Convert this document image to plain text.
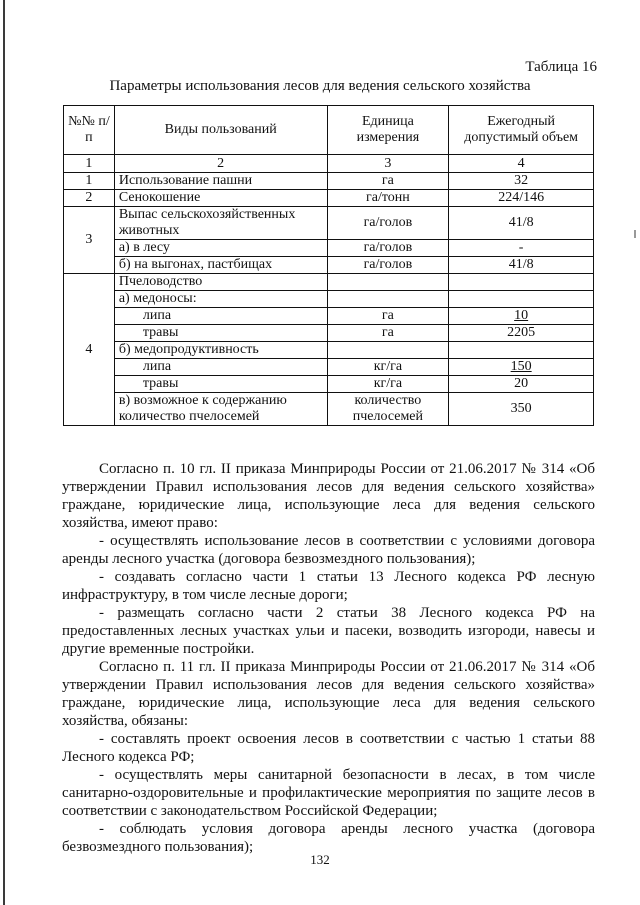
Таблица 16
Параметры использования лесов для ведения сельского хозяйства
№№ п/п	Виды пользований	Единица измерения	Ежегодный допустимый объем
1	2	3	4
1	Использование пашни	га	32
2	Сенокошение	га/тонн	224/146
3	Выпас сельскохозяйственных животных	га/голов	41/8
	а) в лесу	га/голов	-
	б) на выгонах, пастбищах	га/голов	41/8
4	Пчеловодство		
	а) медоносы:		
	липа	га	10
	травы	га	2205
	б) медопродуктивность		
	липа	кг/га	150
	травы	кг/га	20
	в) возможное к содержанию количество пчелосемей	количество пчелосемей	350

Согласно п. 10 гл. II приказа Минприроды России от 21.06.2017 № 314 «Об утверждении Правил использования лесов для ведения сельского хозяйства» граждане, юридические лица, использующие леса для ведения сельского хозяйства, имеют право:

- осуществлять использование лесов в соответствии с условиями договора аренды лесного участка (договора безвозмездного пользования);

- создавать согласно части 1 статьи 13 Лесного кодекса РФ лесную инфраструктуру, в том числе лесные дороги;

- размещать согласно части 2 статьи 38 Лесного кодекса РФ на предоставленных лесных участках ульи и пасеки, возводить изгороди, навесы и другие временные постройки.

Согласно п. 11 гл. II приказа Минприроды России от 21.06.2017 № 314 «Об утверждении Правил использования лесов для ведения сельского хозяйства» граждане, юридические лица, использующие леса для ведения сельского хозяйства, обязаны:

- составлять проект освоения лесов в соответствии с частью 1 статьи 88 Лесного кодекса РФ;

- осуществлять меры санитарной безопасности в лесах, в том числе санитарно-оздоровительные и профилактические мероприятия по защите лесов в соответствии с законодательством Российской Федерации;

- соблюдать условия договора аренды лесного участка (договора безвозмездного пользования);

132
